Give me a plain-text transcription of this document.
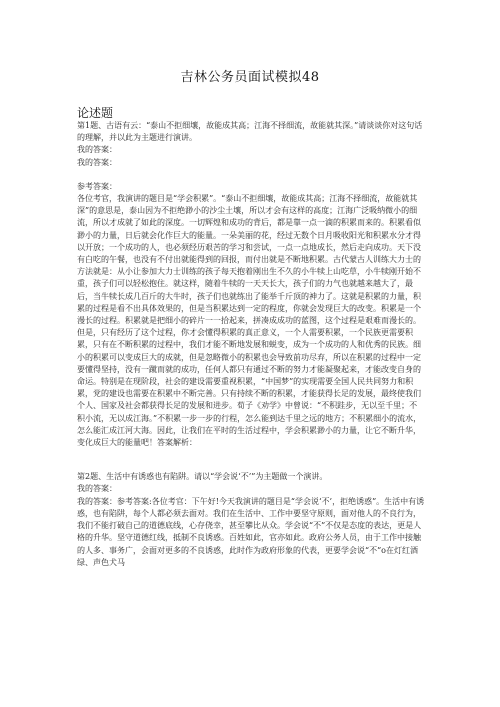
吉林公务员面试模拟48
论述题

第1题、古语有云：“泰山不拒细壤，故能成其高；江海不择细流，故能就其深。”请谈谈你对这句话的理解，并以此为主题进行演讲。

我的答案：

我的答案：

参考答案：

各位考官，我演讲的题目是“学会积累”。“泰山不拒细壤，故能成其高；江海不择细流，故能就其深”的意思是，泰山因为不拒绝渺小的沙尘土壤，所以才会有这样的高度；江海广泛吸纳微小的细流，所以才成就了如此的深度。一切辉煌和成功的背后，都是靠一点一滴的积累而来的。积累看似渺小的力量，日后就会化作巨大的能量。一朵美丽的花，经过无数个日月吸收阳光和积累水分才得以开放；一个成功的人，也必须经历艰苦的学习和尝试，一点一点地成长，然后走向成功。天下没有白吃的午餐，也没有不付出就能得到的回报，而付出就是不断地积累。古代蒙古人训练大力士的方法就是：从小让参加大力士训练的孩子每天抱着刚出生不久的小牛犊上山吃草，小牛犊刚开始不重，孩子们可以轻松抱住。就这样，随着牛犊的一天天长大，孩子们的力气也就越来越大了，最后，当牛犊长成几百斤的大牛时，孩子们也就练出了能举千斤顶的神力了。这就是积累的力量，积累的过程是看不出具体效果的，但是当积累达到一定的程度，你就会发现巨大的改变。积累是一个漫长的过程。积累就是把细小的碎片一一拾起来，拼凑成成功的蓝图，这个过程是艰难而漫长的。但是，只有经历了这个过程，你才会懂得积累的真正意义，一个人需要积累，一个民族更需要积累，只有在不断积累的过程中，我们才能不断地发展和蜕变，成为一个成功的人和优秀的民族。细小的积累可以变成巨大的成就，但是忽略微小的积累也会导致前功尽弃，所以在积累的过程中一定要懂得坚持，没有一蹴而就的成功，任何人都只有通过不断的努力才能凝聚起来，才能改变自身的命运。特别是在现阶段，社会的建设需要重视积累，“中国梦”的实现需要全国人民共同努力和积累，党的建设也需要在积累中不断完善。只有持续不断的积累，才能获得长足的发展，最终使我们个人、国家及社会都获得长足的发展和进步。荀子《劝学》中曾说：“不积跬步，无以至千里；不积小流，无以成江海。”不积累一步一步的行程，怎么能到达千里之远的地方；不积累细小的流水，怎么能汇成江河大海。因此，让我们在平时的生活过程中，学会积累渺小的力量，让它不断升华，变化成巨大的能量吧！答案解析：

第2题、生活中有诱惑也有陷阱。请以“学会说‘不’”为主题做一个演讲。

我的答案：

我的答案：参考答案:各位考官：下午好!今天我演讲的题目是“学会说‘不’，拒绝诱惑”。生活中有诱惑，也有陷阱，每个人都必须去面对。我们在生活中、工作中要坚守原则，面对他人的不良行为，我们不能打破自己的道德底线，心存侥幸，甚至攀比从众。学会说“不”不仅是态度的表达，更是人格的升华。坚守道德红线，抵制不良诱惑。百姓如此，官亦如此。政府公务人员，由于工作中接触的人多、事务广，会面对更多的不良诱惑，此时作为政府形象的代表，更要学会说“不”o在灯红酒绿、声色犬马
